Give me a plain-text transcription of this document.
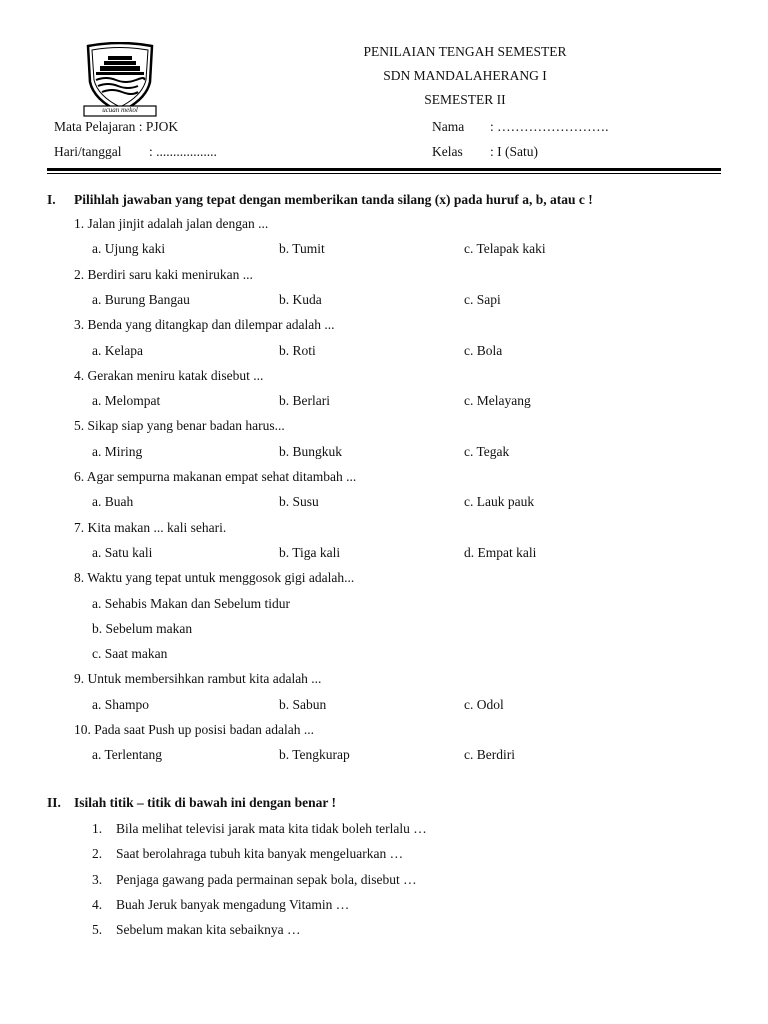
ucuan mekol
PENILAIAN TENGAH SEMESTER
SDN MANDALAHERANG I
SEMESTER II
Mata Pelajaran : PJOK
Hari/tanggal : ..................
Nama : …………………….
Kelas : I (Satu)
I. Pilihlah jawaban yang tepat dengan memberikan tanda silang (x) pada huruf a, b, atau c !
1. Jalan jinjit adalah jalan dengan ...
a. Ujung kaki	b. Tumit	c. Telapak kaki
2. Berdiri saru kaki menirukan ...
a. Burung Bangau	b. Kuda	c. Sapi
3. Benda yang ditangkap dan dilempar adalah ...
a. Kelapa	b. Roti	c. Bola
4. Gerakan meniru katak disebut ...
a. Melompat	b. Berlari	c. Melayang
5. Sikap siap yang benar badan harus...
a. Miring	b. Bungkuk	c. Tegak
6. Agar sempurna makanan empat sehat ditambah ...
a. Buah	b. Susu	c. Lauk pauk
7. Kita makan ... kali sehari.
a. Satu kali	b. Tiga kali	d. Empat kali
8. Waktu yang tepat untuk menggosok gigi adalah...
a. Sehabis Makan dan Sebelum tidur
b. Sebelum makan
c. Saat makan
9. Untuk membersihkan rambut kita adalah ...
a. Shampo	b. Sabun	c. Odol
10. Pada saat Push up posisi badan adalah ...
a. Terlentang	b. Tengkurap	c. Berdiri
II. Isilah titik – titik di bawah ini dengan benar !
1. Bila melihat televisi jarak mata kita tidak boleh terlalu …
2. Saat berolahraga tubuh kita banyak mengeluarkan …
3. Penjaga gawang pada permainan sepak bola, disebut …
4. Buah Jeruk banyak mengadung Vitamin …
5. Sebelum makan kita sebaiknya …
